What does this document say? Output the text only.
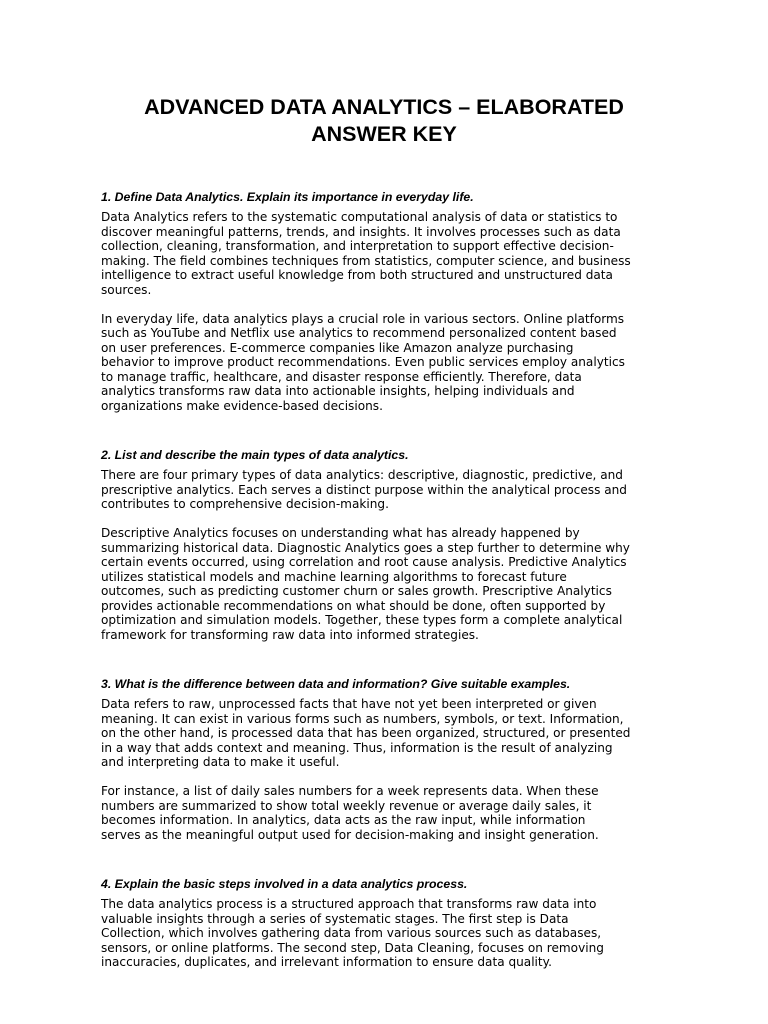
ADVANCED DATA ANALYTICS – ELABORATED
ANSWER KEY
1. Define Data Analytics. Explain its importance in everyday life.
Data Analytics refers to the systematic computational analysis of data or statistics to
discover meaningful patterns, trends, and insights. It involves processes such as data
collection, cleaning, transformation, and interpretation to support effective decision-
making. The field combines techniques from statistics, computer science, and business
intelligence to extract useful knowledge from both structured and unstructured data
sources.
In everyday life, data analytics plays a crucial role in various sectors. Online platforms
such as YouTube and Netflix use analytics to recommend personalized content based
on user preferences. E-commerce companies like Amazon analyze purchasing
behavior to improve product recommendations. Even public services employ analytics
to manage traffic, healthcare, and disaster response efficiently. Therefore, data
analytics transforms raw data into actionable insights, helping individuals and
organizations make evidence-based decisions.
2. List and describe the main types of data analytics.
There are four primary types of data analytics: descriptive, diagnostic, predictive, and
prescriptive analytics. Each serves a distinct purpose within the analytical process and
contributes to comprehensive decision-making.
Descriptive Analytics focuses on understanding what has already happened by
summarizing historical data. Diagnostic Analytics goes a step further to determine why
certain events occurred, using correlation and root cause analysis. Predictive Analytics
utilizes statistical models and machine learning algorithms to forecast future
outcomes, such as predicting customer churn or sales growth. Prescriptive Analytics
provides actionable recommendations on what should be done, often supported by
optimization and simulation models. Together, these types form a complete analytical
framework for transforming raw data into informed strategies.
3. What is the difference between data and information? Give suitable examples.
Data refers to raw, unprocessed facts that have not yet been interpreted or given
meaning. It can exist in various forms such as numbers, symbols, or text. Information,
on the other hand, is processed data that has been organized, structured, or presented
in a way that adds context and meaning. Thus, information is the result of analyzing
and interpreting data to make it useful.
For instance, a list of daily sales numbers for a week represents data. When these
numbers are summarized to show total weekly revenue or average daily sales, it
becomes information. In analytics, data acts as the raw input, while information
serves as the meaningful output used for decision-making and insight generation.
4. Explain the basic steps involved in a data analytics process.
The data analytics process is a structured approach that transforms raw data into
valuable insights through a series of systematic stages. The first step is Data
Collection, which involves gathering data from various sources such as databases,
sensors, or online platforms. The second step, Data Cleaning, focuses on removing
inaccuracies, duplicates, and irrelevant information to ensure data quality.
